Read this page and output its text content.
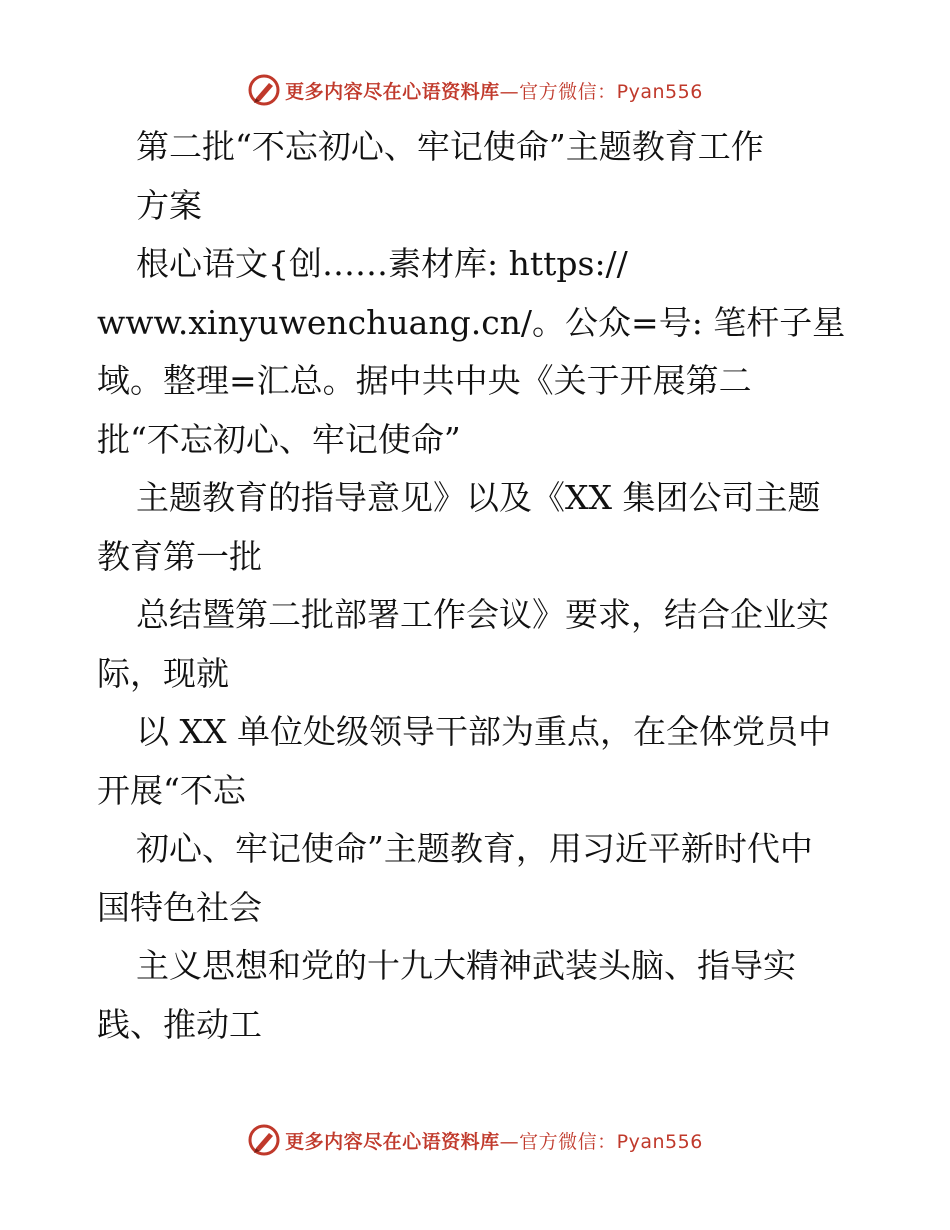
更多内容尽在心语资料库—官方微信：Pyan556
第二批“不忘初心、牢记使命”主题教育工作
方案
根心语文{创……素材库: https://
www.xinyuwenchuang.cn/。公众=号: 笔杆子星
域。整理=汇总。据中共中央《关于开展第二
批“不忘初心、牢记使命”
主题教育的指导意见》以及《XX 集团公司主题
教育第一批
总结暨第二批部署工作会议》要求，结合企业实
际，现就
以 XX 单位处级领导干部为重点，在全体党员中
开展“不忘
初心、牢记使命”主题教育，用习近平新时代中
国特色社会
主义思想和党的十九大精神武装头脑、指导实
践、推动工
更多内容尽在心语资料库—官方微信：Pyan556
